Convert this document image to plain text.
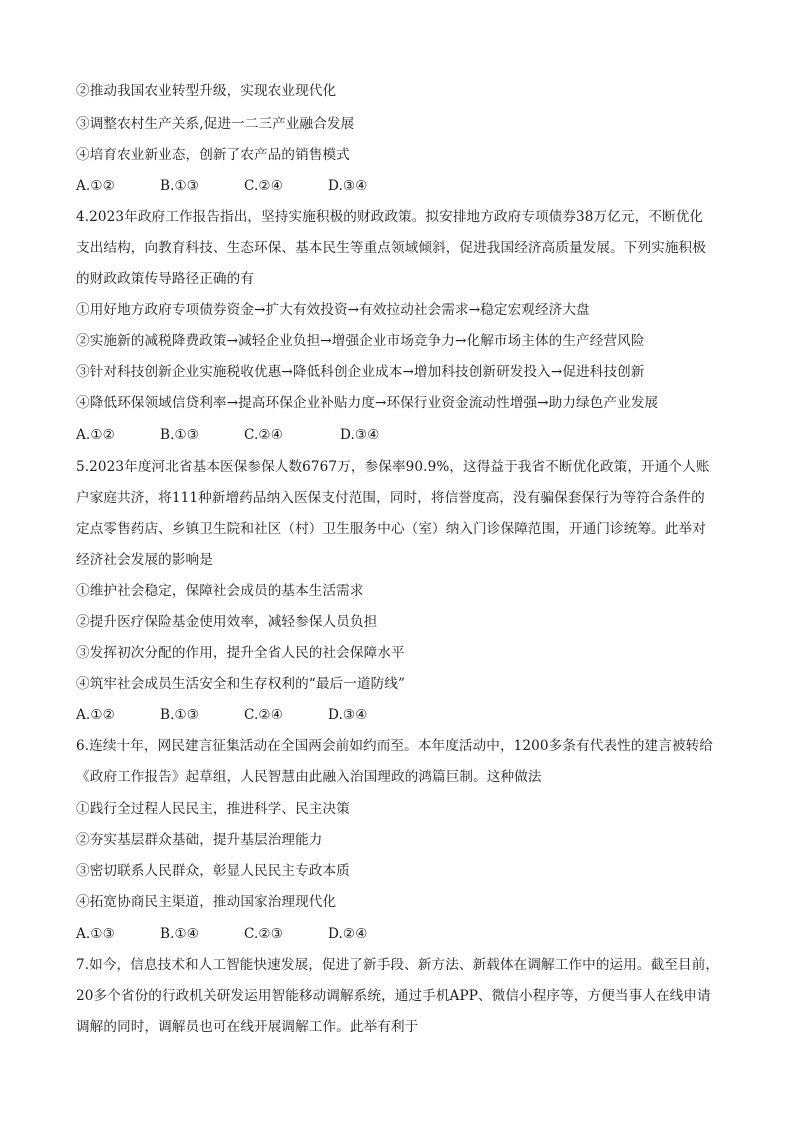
②推动我国农业转型升级，实现农业现代化
③调整农村生产关系,促进一二三产业融合发展
④培育农业新业态，创新了农产品的销售模式
A.①②	B.①③	C.②④	D.③④
4.2023年政府工作报告指出，坚持实施积极的财政政策。拟安排地方政府专项债券38万亿元，不断优化
支出结构，向教育科技、生态环保、基本民生等重点领域倾斜，促进我国经济高质量发展。下列实施积极
的财政政策传导路径正确的有
①用好地方政府专项债券资金→扩大有效投资→有效拉动社会需求→稳定宏观经济大盘
②实施新的减税降费政策→减轻企业负担→增强企业市场竞争力→化解市场主体的生产经营风险
③针对科技创新企业实施税收优惠→降低科创企业成本→增加科技创新研发投入→促进科技创新
④降低环保领域信贷利率→提高环保企业补贴力度→环保行业资金流动性增强→助力绿色产业发展
A.①②	B.①③	C.②④	D.③④
5.2023年度河北省基本医保参保人数6767万，参保率90.9%，这得益于我省不断优化政策，开通个人账
户家庭共济，将111种新增药品纳入医保支付范围，同时，将信誉度高，没有骗保套保行为等符合条件的
定点零售药店、乡镇卫生院和社区（村）卫生服务中心（室）纳入门诊保障范围，开通门诊统筹。此举对
经济社会发展的影响是
①维护社会稳定，保障社会成员的基本生活需求
②提升医疗保险基金使用效率，减轻参保人员负担
③发挥初次分配的作用，提升全省人民的社会保障水平
④筑牢社会成员生活安全和生存权利的“最后一道防线”
A.①②	B.①③	C.②④	D.③④
6.连续十年，网民建言征集活动在全国两会前如约而至。本年度活动中，1200多条有代表性的建言被转给
《政府工作报告》起草组，人民智慧由此融入治国理政的鸿篇巨制。这种做法
①践行全过程人民民主，推进科学、民主决策
②夯实基层群众基础，提升基层治理能力
③密切联系人民群众，彰显人民民主专政本质
④拓宽协商民主渠道，推动国家治理现代化
A.①③	B.①④	C.②③	D.②④
7.如今，信息技术和人工智能快速发展，促进了新手段、新方法、新载体在调解工作中的运用。截至目前，
20多个省份的行政机关研发运用智能移动调解系统，通过手机APP、微信小程序等，方便当事人在线申请
调解的同时，调解员也可在线开展调解工作。此举有利于
